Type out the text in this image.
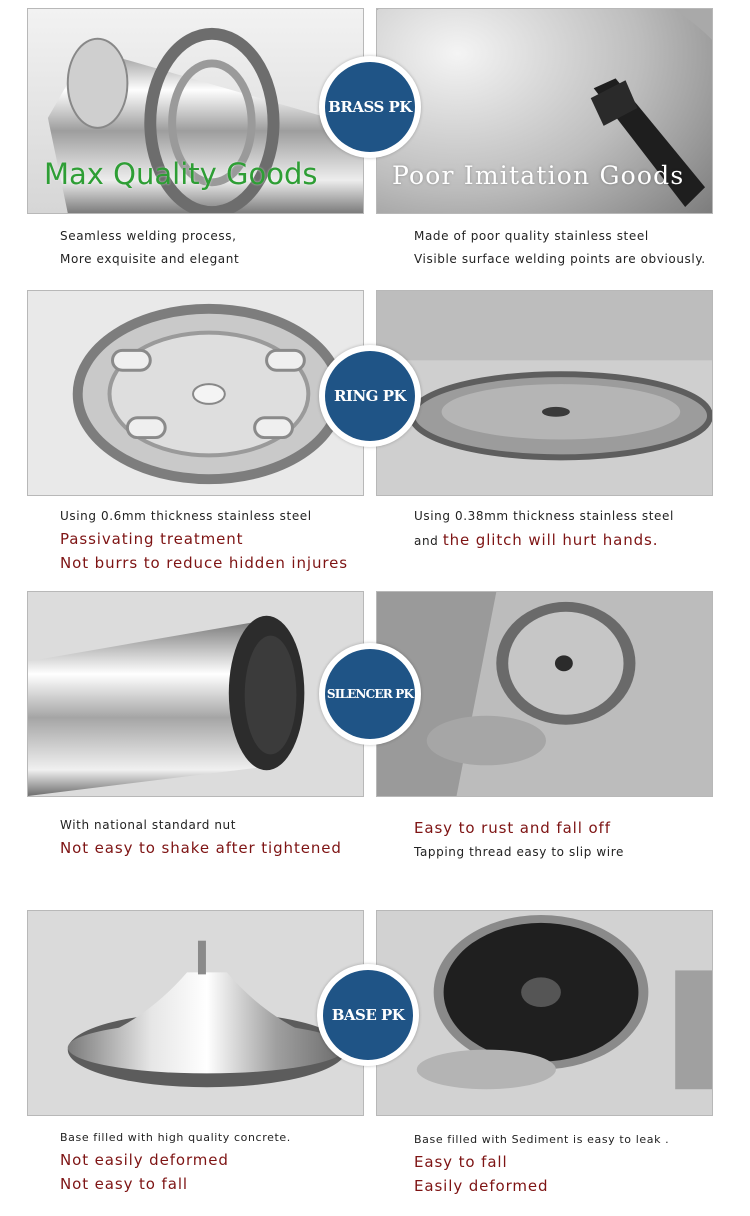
Max Quality Goods	Poor Imitation Goods
BRASS PK
Seamless welding process,
More exquisite and elegant
Made of poor quality stainless steel
Visible surface welding points are obviously.
RING PK
Using 0.6mm thickness stainless steel
Passivating treatment
Not burrs to reduce hidden injures
Using 0.38mm thickness stainless steel
and the glitch will hurt hands.
SILENCER PK
With national standard nut
Not easy to shake after tightened
Easy to rust and fall off
Tapping thread easy to slip wire
BASE PK
Base filled with high quality concrete.
Not easily deformed
Not easy to fall
Base filled with Sediment is easy to leak .
Easy to fall
Easily deformed
